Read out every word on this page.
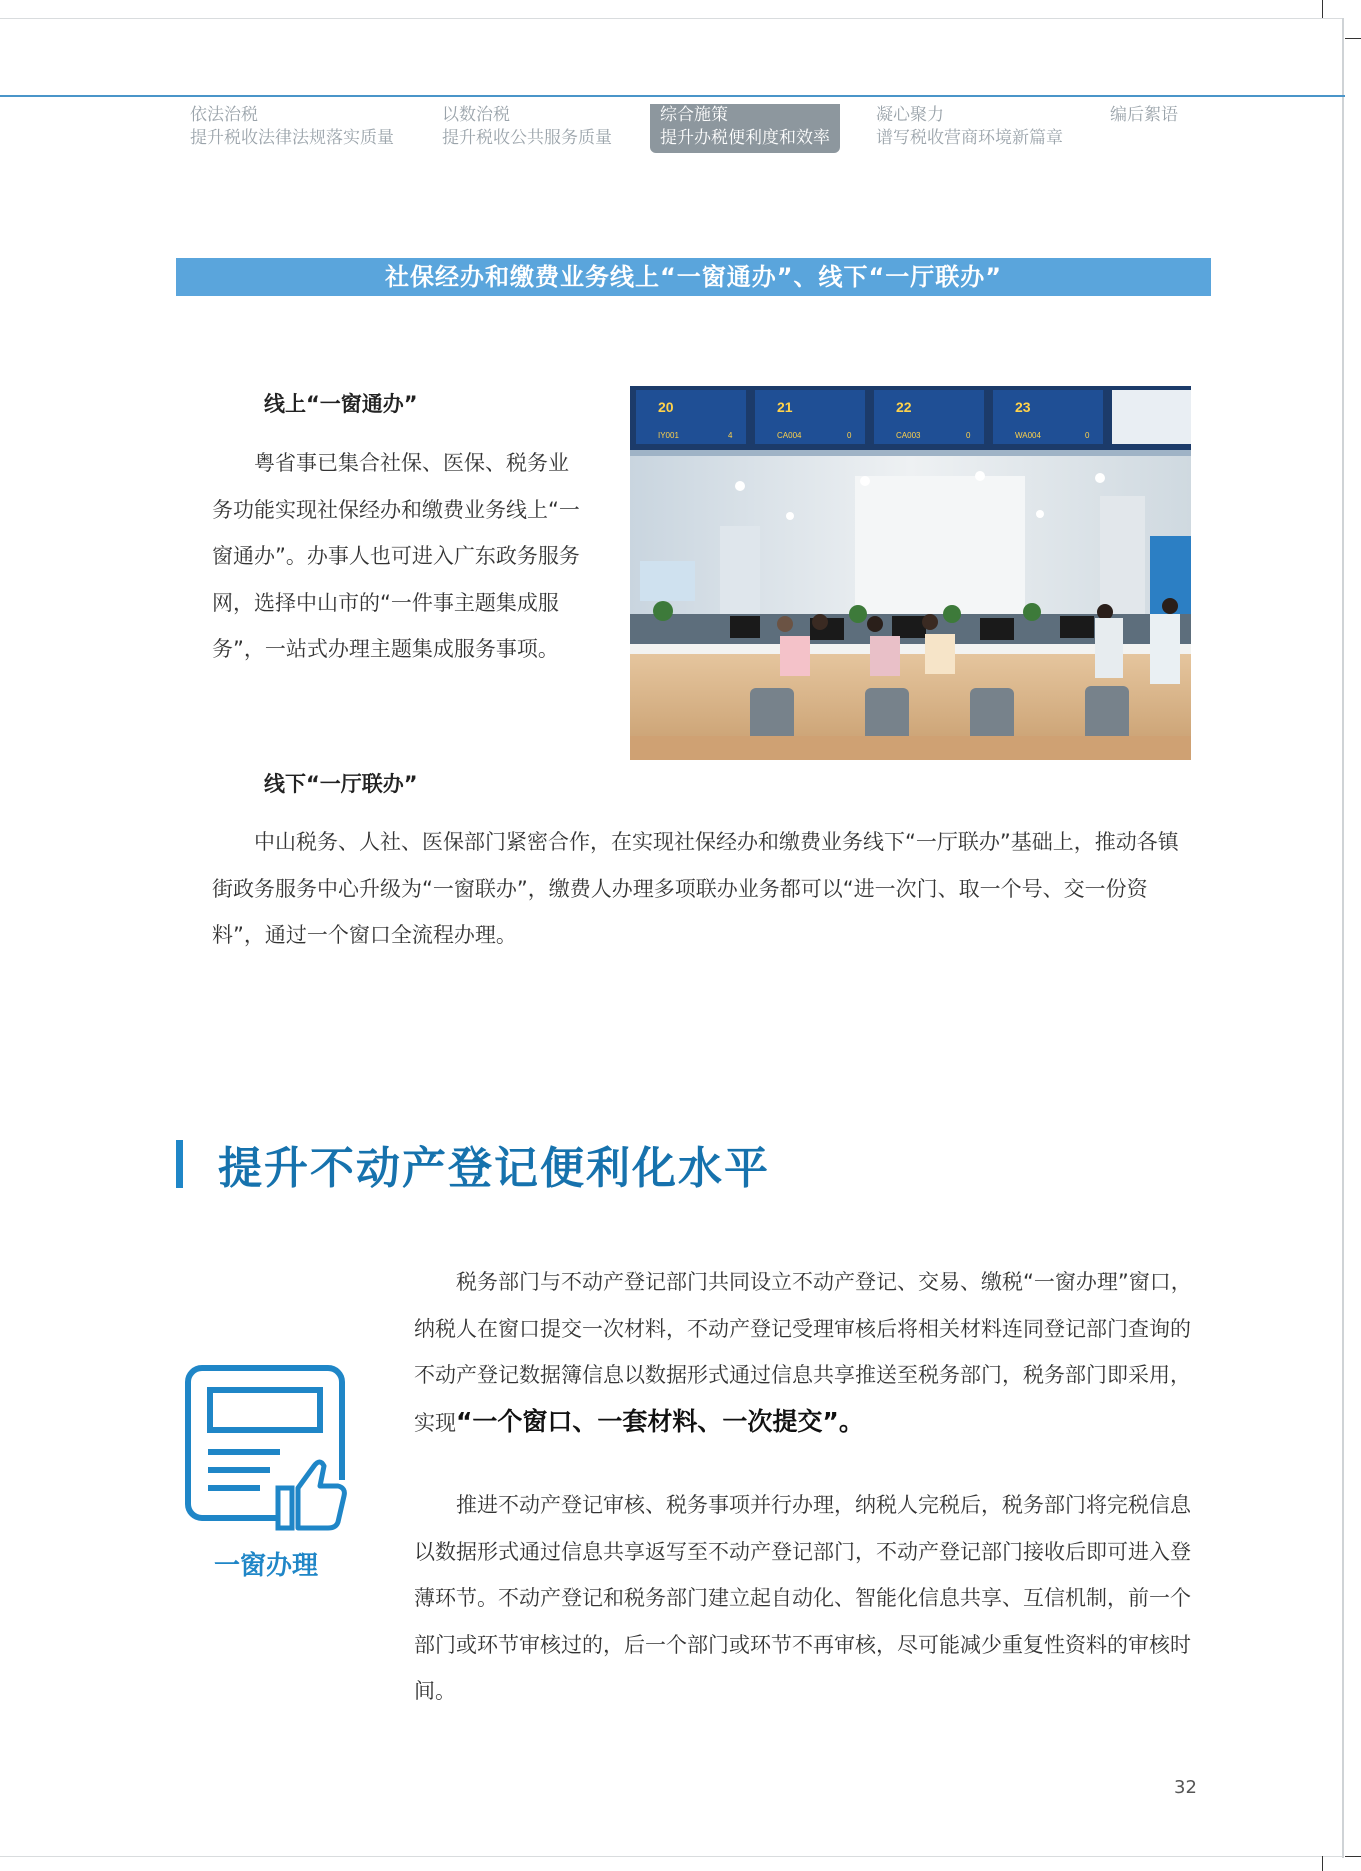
依法治税
提升税收法律法规落实质量
以数治税
提升税收公共服务质量
综合施策
提升办税便利度和效率
凝心聚力
谱写税收营商环境新篇章
编后絮语
社保经办和缴费业务线上“一窗通办”、线下“一厅联办”
线上“一窗通办”

粤省事已集合社保、医保、税务业务功能实现社保经办和缴费业务线上“一窗通办”。办事人也可进入广东政务服务网，选择中山市的“一件事主题集成服务”，一站式办理主题集成服务事项。

20	21	22	23
IY001	CA004	CA003	WA004
4	0	0	0
线下“一厅联办”

中山税务、人社、医保部门紧密合作，在实现社保经办和缴费业务线下“一厅联办”基础上，推动各镇街政务服务中心升级为“一窗联办”，缴费人办理多项联办业务都可以“进一次门、取一个号、交一份资料”，通过一个窗口全流程办理。

提升不动产登记便利化水平
一窗办理

税务部门与不动产登记部门共同设立不动产登记、交易、缴税“一窗办理”窗口，纳税人在窗口提交一次材料，不动产登记受理审核后将相关材料连同登记部门查询的不动产登记数据簿信息以数据形式通过信息共享推送至税务部门，税务部门即采用，实现“一个窗口、一套材料、一次提交”。

推进不动产登记审核、税务事项并行办理，纳税人完税后，税务部门将完税信息以数据形式通过信息共享返写至不动产登记部门，不动产登记部门接收后即可进入登薄环节。不动产登记和税务部门建立起自动化、智能化信息共享、互信机制，前一个部门或环节审核过的，后一个部门或环节不再审核，尽可能减少重复性资料的审核时间。

32
